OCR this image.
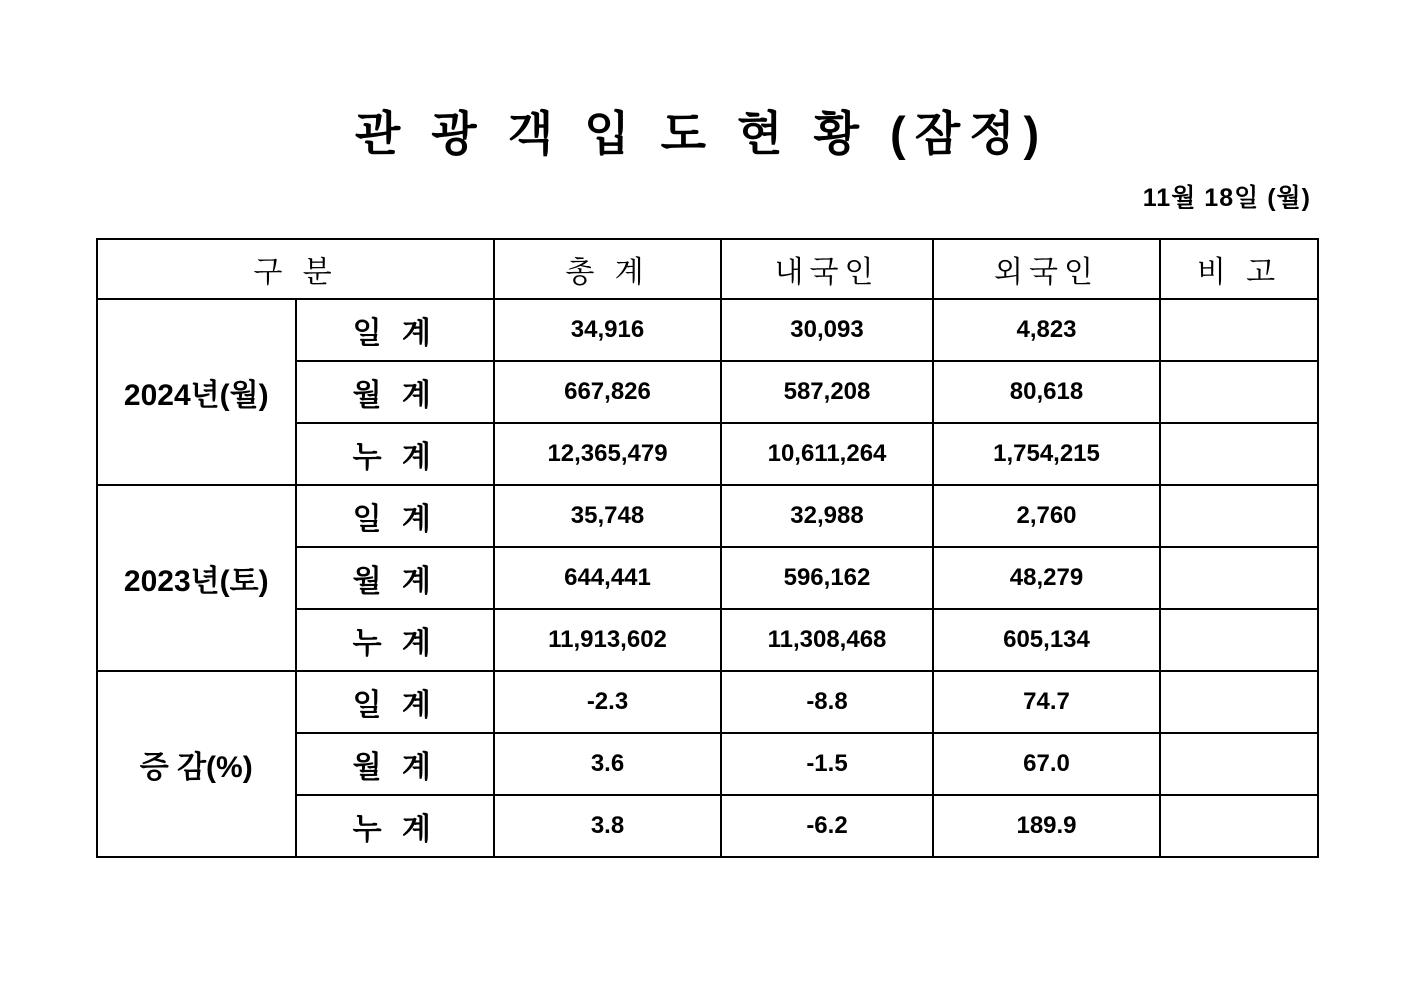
관 광 객 입 도 현 황 (잠정)
11월 18일 (월)
구 분		총 계	내국인	외국인	비 고
2024년(월)	일 계	34,916	30,093	4,823	
	월 계	667,826	587,208	80,618	
	누 계	12,365,479	10,611,264	1,754,215	
2023년(토)	일 계	35,748	32,988	2,760	
	월 계	644,441	596,162	48,279	
	누 계	11,913,602	11,308,468	605,134	
증 감(%)	일 계	-2.3	-8.8	74.7	
	월 계	3.6	-1.5	67.0	
	누 계	3.8	-6.2	189.9	
